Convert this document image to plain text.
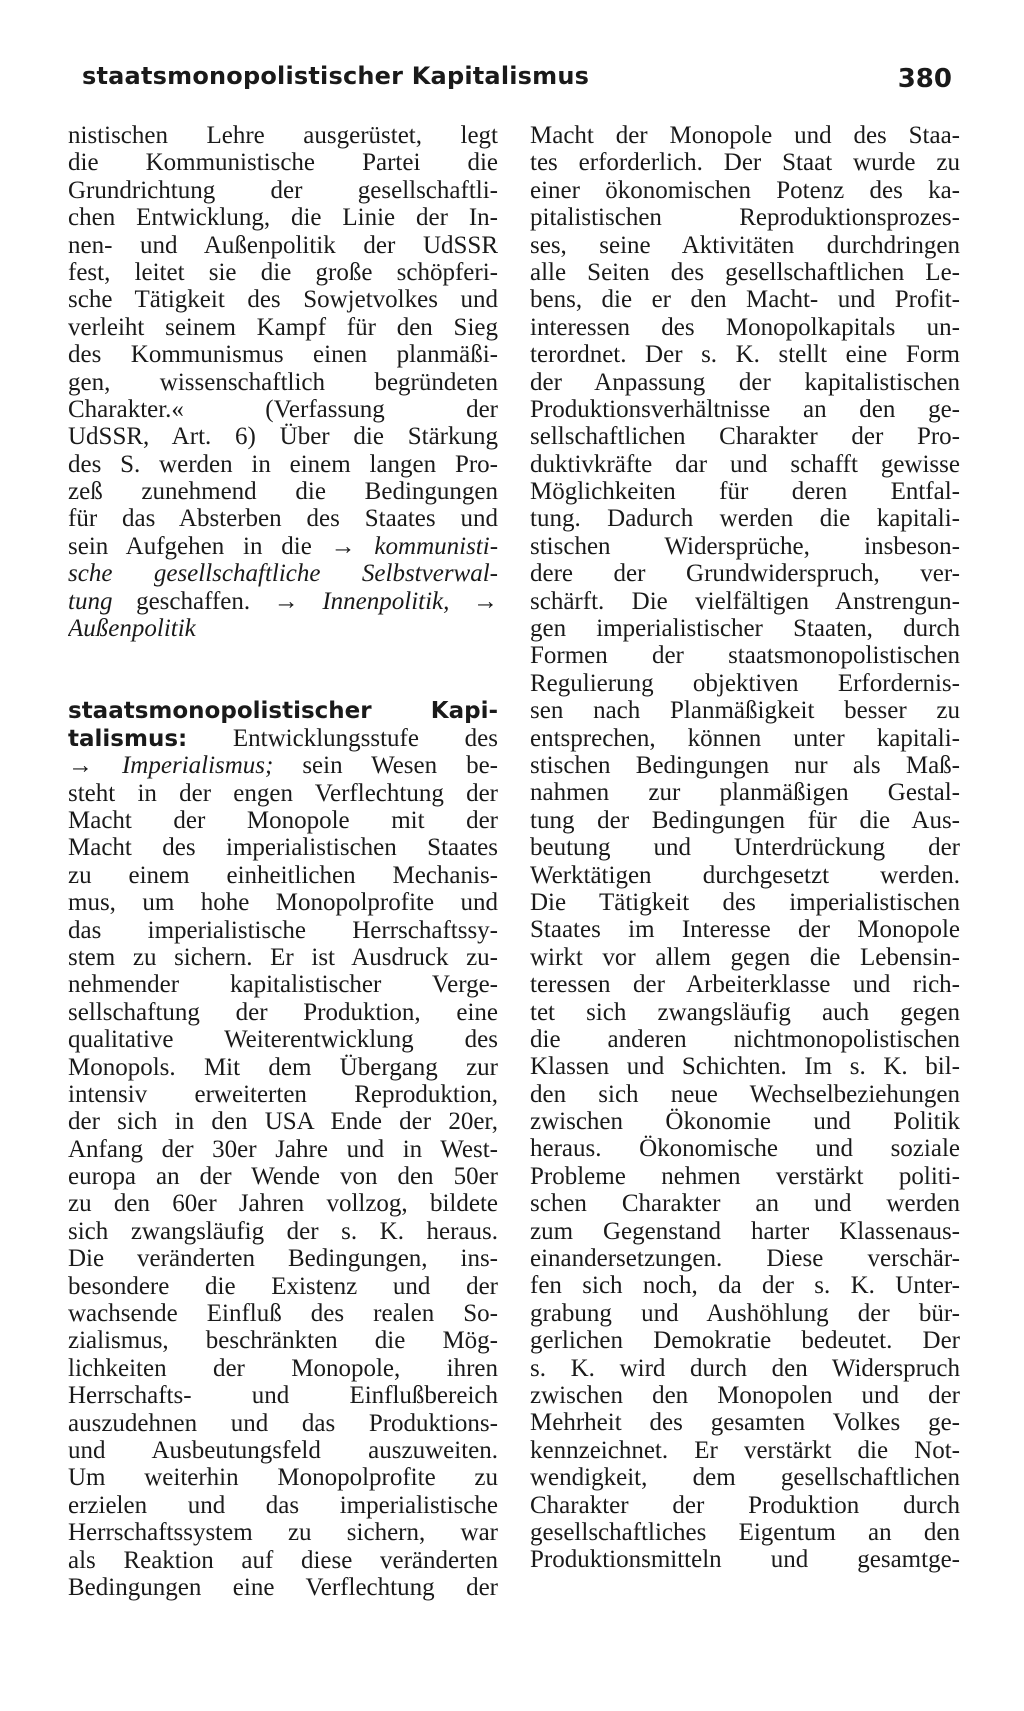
staatsmonopolistischer Kapitalismus	380
nistischen Lehre ausgerüstet, legt
die Kommunistische Partei die
Grundrichtung der gesellschaftli-
chen Entwicklung, die Linie der In-
nen- und Außenpolitik der UdSSR
fest, leitet sie die große schöpferi-
sche Tätigkeit des Sowjetvolkes und
verleiht seinem Kampf für den Sieg
des Kommunismus einen planmäßi-
gen, wissenschaftlich begründeten
Charakter.« (Verfassung der
UdSSR, Art. 6) Über die Stärkung
des S. werden in einem langen Pro-
zeß zunehmend die Bedingungen
für das Absterben des Staates und
sein Aufgehen in die → kommunisti-
sche gesellschaftliche Selbstverwal-
tung geschaffen. → Innenpolitik, →
Außenpolitik
staatsmonopolistischer Kapi-
talismus: Entwicklungsstufe des
→ Imperialismus; sein Wesen be-
steht in der engen Verflechtung der
Macht der Monopole mit der
Macht des imperialistischen Staates
zu einem einheitlichen Mechanis-
mus, um hohe Monopolprofite und
das imperialistische Herrschaftssy-
stem zu sichern. Er ist Ausdruck zu-
nehmender kapitalistischer Verge-
sellschaftung der Produktion, eine
qualitative Weiterentwicklung des
Monopols. Mit dem Übergang zur
intensiv erweiterten Reproduktion,
der sich in den USA Ende der 20er,
Anfang der 30er Jahre und in West-
europa an der Wende von den 50er
zu den 60er Jahren vollzog, bildete
sich zwangsläufig der s. K. heraus.
Die veränderten Bedingungen, ins-
besondere die Existenz und der
wachsende Einfluß des realen So-
zialismus, beschränkten die Mög-
lichkeiten der Monopole, ihren
Herrschafts- und Einflußbereich
auszudehnen und das Produktions-
und Ausbeutungsfeld auszuweiten.
Um weiterhin Monopolprofite zu
erzielen und das imperialistische
Herrschaftssystem zu sichern, war
als Reaktion auf diese veränderten
Bedingungen eine Verflechtung der
Macht der Monopole und des Staa-
tes erforderlich. Der Staat wurde zu
einer ökonomischen Potenz des ka-
pitalistischen Reproduktionsprozes-
ses, seine Aktivitäten durchdringen
alle Seiten des gesellschaftlichen Le-
bens, die er den Macht- und Profit-
interessen des Monopolkapitals un-
terordnet. Der s. K. stellt eine Form
der Anpassung der kapitalistischen
Produktionsverhältnisse an den ge-
sellschaftlichen Charakter der Pro-
duktivkräfte dar und schafft gewisse
Möglichkeiten für deren Entfal-
tung. Dadurch werden die kapitali-
stischen Widersprüche, insbeson-
dere der Grundwiderspruch, ver-
schärft. Die vielfältigen Anstrengun-
gen imperialistischer Staaten, durch
Formen der staatsmonopolistischen
Regulierung objektiven Erfordernis-
sen nach Planmäßigkeit besser zu
entsprechen, können unter kapitali-
stischen Bedingungen nur als Maß-
nahmen zur planmäßigen Gestal-
tung der Bedingungen für die Aus-
beutung und Unterdrückung der
Werktätigen durchgesetzt werden.
Die Tätigkeit des imperialistischen
Staates im Interesse der Monopole
wirkt vor allem gegen die Lebensin-
teressen der Arbeiterklasse und rich-
tet sich zwangsläufig auch gegen
die anderen nichtmonopolistischen
Klassen und Schichten. Im s. K. bil-
den sich neue Wechselbeziehungen
zwischen Ökonomie und Politik
heraus. Ökonomische und soziale
Probleme nehmen verstärkt politi-
schen Charakter an und werden
zum Gegenstand harter Klassenaus-
einandersetzungen. Diese verschär-
fen sich noch, da der s. K. Unter-
grabung und Aushöhlung der bür-
gerlichen Demokratie bedeutet. Der
s. K. wird durch den Widerspruch
zwischen den Monopolen und der
Mehrheit des gesamten Volkes ge-
kennzeichnet. Er verstärkt die Not-
wendigkeit, dem gesellschaftlichen
Charakter der Produktion durch
gesellschaftliches Eigentum an den
Produktionsmitteln und gesamtge-
